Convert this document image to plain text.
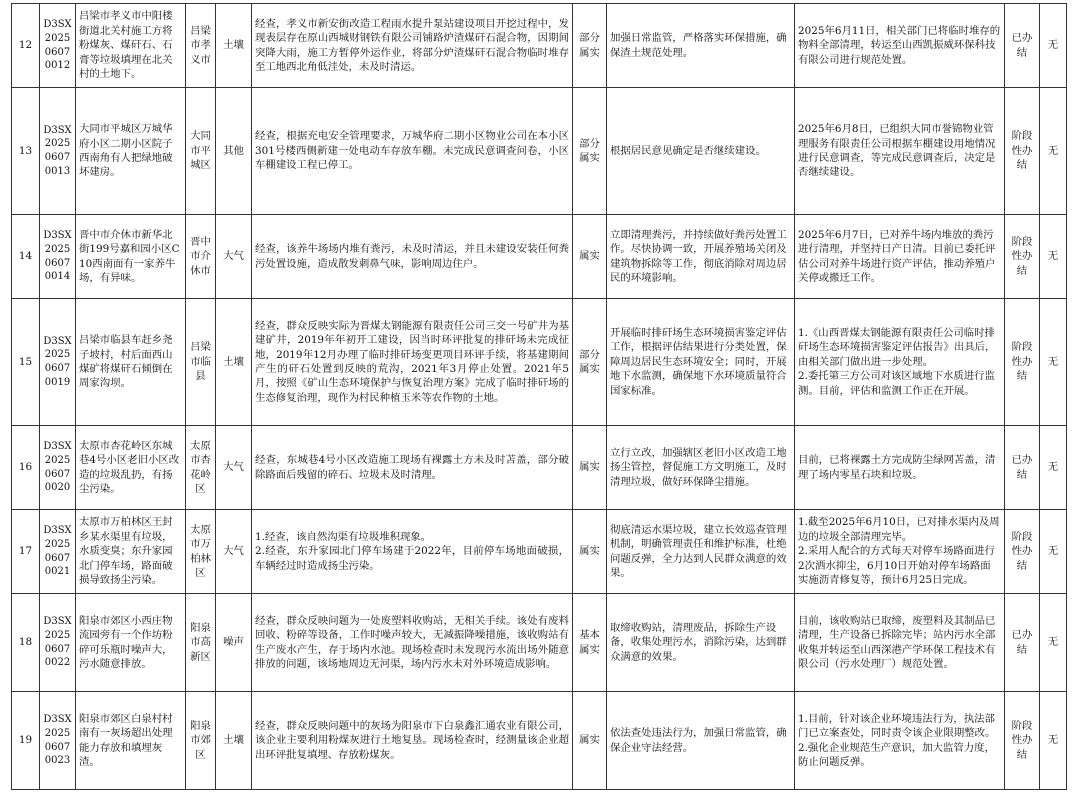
12	D3SX202506070012	吕梁市孝义市中阳楼街道北关村施工方将粉煤灰、煤矸石、石膏等垃圾填埋在北关村的土地下。	吕梁市孝义市	土壤	经查，孝义市新安街改造工程雨水提升泵站建设项目开挖过程中，发现表层存在原山西城财钢铁有限公司铺路炉渣煤矸石混合物，因期间突降大雨，施工方暂停外运作业，将部分炉渣煤矸石混合物临时堆存至工地西北角低洼处，未及时清运。	部分属实	加强日常监管，严格落实环保措施，确保渣土规范处理。	2025年6月11日，相关部门已将临时堆存的物料全部清理，转运至山西凯振威环保科技有限公司进行规范处置。	已办结	无
13	D3SX202506070013	大同市平城区万城华府小区二期小区院子西南角有人把绿地破坏建房。	大同市平城区	其他	经查，根据充电安全管理要求，万城华府二期小区物业公司在本小区301号楼西侧新建一处电动车存放车棚。未完成民意调查问卷，小区车棚建设工程已停工。	部分属实	根据居民意见确定是否继续建设。	2025年6月8日，已组织大同市誉锦物业管理服务有限责任公司根据车棚建设用地情况进行民意调查，等完成民意调查后，决定是否继续建设。	阶段性办结	无
14	D3SX202506070014	晋中市介休市新华北街199号嘉和园小区C10西南面有一家养牛场，有异味。	晋中市介休市	大气	经查，该养牛场场内堆有粪污，未及时清运，并且未建设安装任何粪污处置设施，造成散发刺鼻气味，影响周边住户。	属实	立即清理粪污，并持续做好粪污处置工作。尽快协调一致，开展养殖场关闭及建筑物拆除等工作，彻底消除对周边居民的环境影响。	2025年6月7日，已对养牛场内堆放的粪污进行清理，并坚持日产日清。目前已委托评估公司对养牛场进行资产评估，推动养殖户关停或搬迁工作。	阶段性办结	无
15	D3SX202506070019	吕梁市临县车赶乡尧子坡村，村后面西山煤矿将煤矸石倾倒在周家沟坝。	吕梁市临县	土壤	经查，群众反映实际为晋煤太钢能源有限责任公司三交一号矿井为基建矿井，2019年年初开工建设，因当时环评批复的排矸场未完成征地，2019年12月办理了临时排矸场变更项目环评手续，将基建期间产生的矸石处置到反映的荒沟，2021年3月停止处置。2021年5月，按照《矿山生态环境保护与恢复治理方案》完成了临时排矸场的生态修复治理，现作为村民种植玉米等农作物的土地。	部分属实	开展临时排矸场生态环境损害鉴定评估工作，根据评估结果进行分类处置，保障周边居民生态环境安全；同时，开展地下水监测，确保地下水环境质量符合国家标准。	1.《山西晋煤太钢能源有限责任公司临时排矸场生态环境损害鉴定评估报告》出具后，由相关部门做出进一步处理。
2.委托第三方公司对该区域地下水质进行监测。目前，评估和监测工作正在开展。	阶段性办结	无
16	D3SX202506070020	太原市杏花岭区东城巷4号小区老旧小区改造的垃圾乱扔，有扬尘污染。	太原市杏花岭区	大气	经查，东城巷4号小区改造施工现场有裸露土方未及时苫盖，部分破除路面后残留的碎石、垃圾未及时清理。	属实	立行立改，加强辖区老旧小区改造工地扬尘管控，督促施工方文明施工，及时清理垃圾，做好环保降尘措施。	目前，已将裸露土方完成防尘绿网苫盖，清理了场内零星石块和垃圾。	已办结	无
17	D3SX202506070021	太原市万柏林区王封乡某水渠里有垃圾，水质变臭；东升家园北门停车场，路面破损导致扬尘污染。	太原市万柏林区	大气	1.经查，该自然沟渠有垃圾堆积现象。
2.经查，东升家园北门停车场建于2022年，目前停车场地面破损，车辆经过时造成扬尘污染。	属实	彻底清运水渠垃圾，建立长效巡查管理机制，明确管理责任和维护标准，杜绝问题反弹，全力达到人民群众满意的效果。	1.截至2025年6月10日，已对排水渠内及周边的垃圾全部清理完毕。
2.采用人配合的方式每天对停车场路面进行2次洒水抑尘，6月10日开始对停车场路面实施沥青修复等，预计6月25日完成。	阶段性办结	无
18	D3SX202506070022	阳泉市郊区小西庄物流园旁有一个作坊粉碎可乐瓶时噪声大，污水随意排放。	阳泉市高新区	噪声	经查，群众反映问题为一处废塑料收购站，无相关手续。该处有废料回收、粉碎等设备，工作时噪声较大，无减振降噪措施，该收购站有生产废水产生，存于场内水池。现场检查时未发现污水流出场外随意排放的问题，该场地周边无河渠，场内污水未对外环境造成影响。	基本属实	取缔收购站，清理废品，拆除生产设备，收集处理污水，消除污染，达到群众满意的效果。	目前，该收购站已取缔，废塑料及其制品已清理，生产设备已拆除完毕；站内污水全部收集并转运至山西深港产学环保工程技术有限公司（污水处理厂）规范处置。	已办结	无
19	D3SX202506070023	阳泉市郊区白泉村村南有一灰场超出处理能力存放和填埋灰渣。	阳泉市郊区	土壤	经查，群众反映问题中的灰场为阳泉市下白泉鑫汇通农业有限公司，该企业主要利用粉煤灰进行土地复垦。现场检查时，经测量该企业超出环评批复填埋、存放粉煤灰。	属实	依法查处违法行为，加强日常监管，确保企业守法经营。	1.目前，针对该企业环境违法行为，执法部门已立案查处，同时责令该企业限期整改。
2.强化企业规范生产意识，加大监管力度，防止问题反弹。	阶段性办结	无
